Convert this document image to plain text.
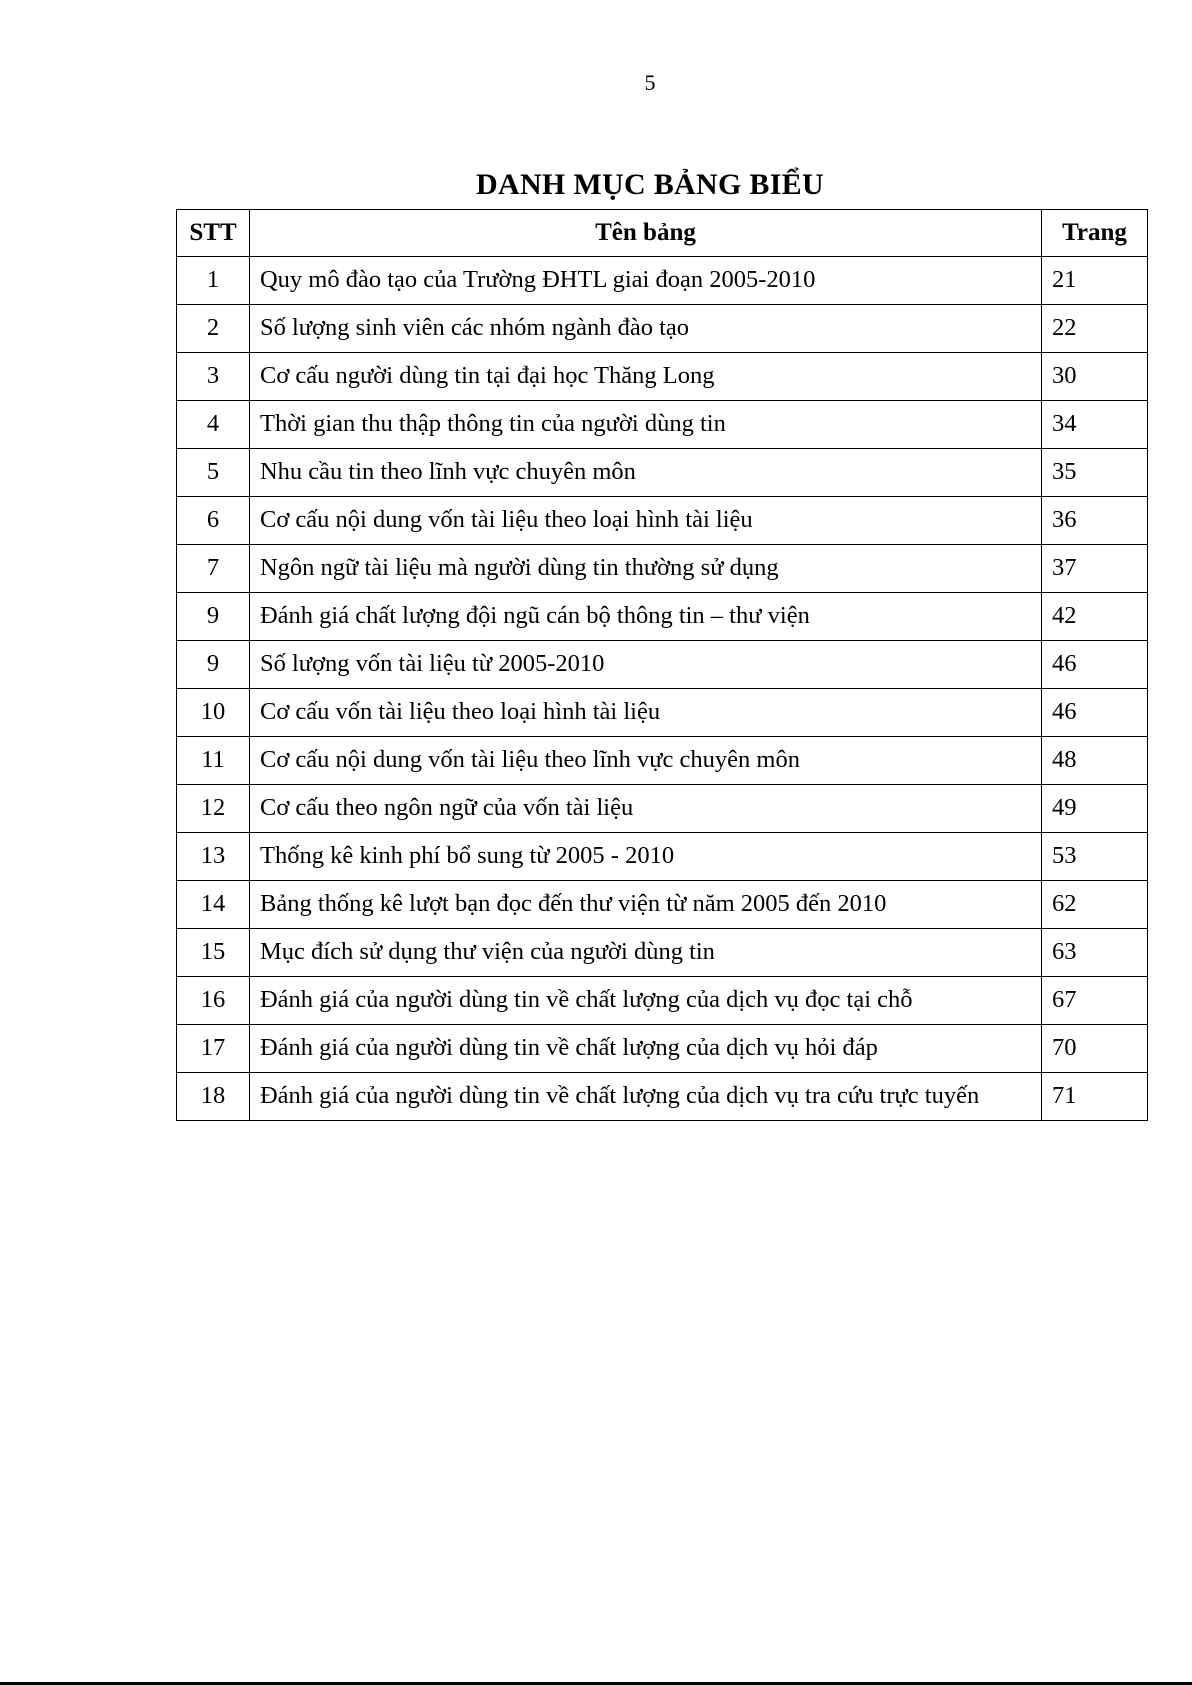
5
DANH MỤC BẢNG BIỂU
STT	Tên bảng	Trang
1	Quy mô đào tạo của Trường ĐHTL giai đoạn 2005-2010	21
2	Số lượng sinh viên các nhóm ngành đào tạo	22
3	Cơ cấu người dùng tin tại đại học Thăng Long	30
4	Thời gian thu thập thông tin của người dùng tin	34
5	Nhu cầu tin theo lĩnh vực chuyên môn	35
6	Cơ cấu nội dung vốn tài liệu theo loại hình tài liệu	36
7	Ngôn ngữ tài liệu mà người dùng tin thường sử dụng	37
9	Đánh giá chất lượng đội ngũ cán bộ thông tin – thư viện	42
9	Số lượng vốn tài liệu từ 2005-2010	46
10	Cơ cấu vốn tài liệu theo loại hình tài liệu	46
11	Cơ cấu nội dung vốn tài liệu theo lĩnh vực chuyên môn	48
12	Cơ cấu theo ngôn ngữ của vốn tài liệu	49
13	Thống kê kinh phí bổ sung từ 2005 - 2010	53
14	Bảng thống kê lượt bạn đọc đến thư viện từ năm 2005 đến 2010	62
15	Mục đích sử dụng thư viện của người dùng tin	63
16	Đánh giá của người dùng tin về chất lượng của dịch vụ đọc tại chỗ	67
17	Đánh giá của người dùng tin về chất lượng của dịch vụ hỏi đáp	70
18	Đánh giá của người dùng tin về chất lượng của dịch vụ tra cứu trực tuyến	71
